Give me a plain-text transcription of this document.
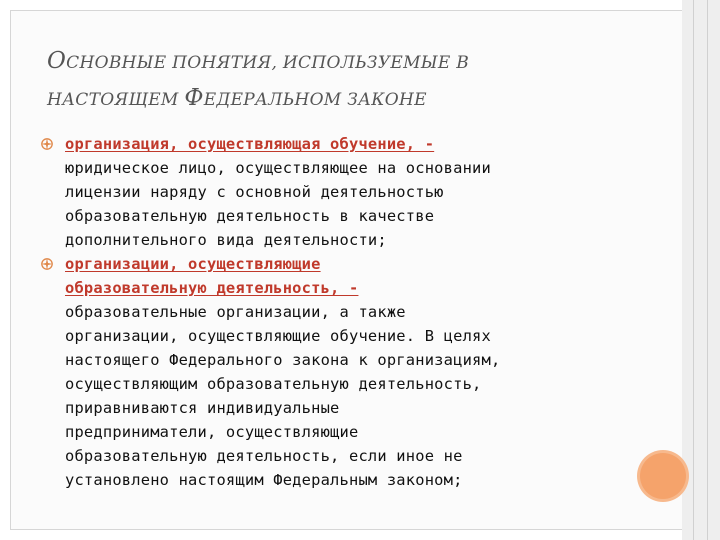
ОСНОВНЫЕ ПОНЯТИЯ, ИСПОЛЬЗУЕМЫЕ В
НАСТОЯЩЕМ ФЕДЕРАЛЬНОМ ЗАКОНЕ
организация, осуществляющая обучение, -
юридическое лицо, осуществляющее на основании
лицензии наряду с основной деятельностью
образовательную деятельность в качестве
дополнительного вида деятельности;
организации, осуществляющие
образовательную деятельность, -
образовательные организации, а также
организации, осуществляющие обучение. В целях
настоящего Федерального закона к организациям,
осуществляющим образовательную деятельность,
приравниваются индивидуальные
предприниматели, осуществляющие
образовательную деятельность, если иное не
установлено настоящим Федеральным законом;
